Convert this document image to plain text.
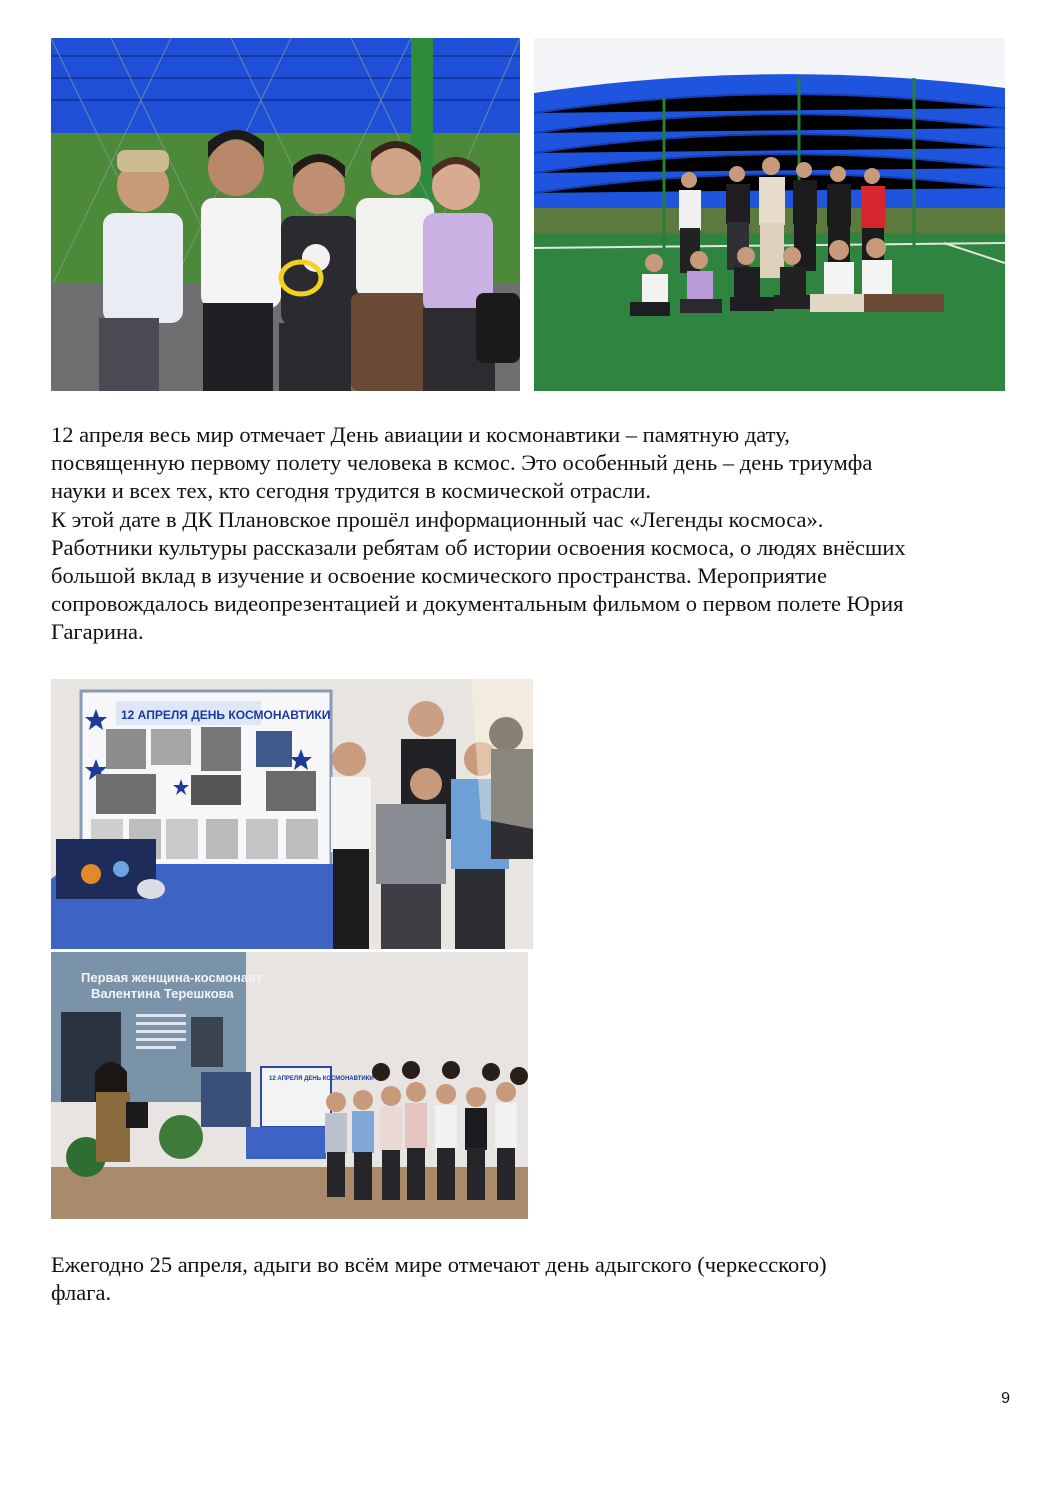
12 апреля весь мир отмечает День авиации и космонавтики – памятную дату,
посвященную первому полету человека в ксмос. Это особенный день – день триумфа
науки и всех тех, кто сегодня трудится в космической отрасли.
К этой дате в ДК Плановское прошёл информационный час «Легенды космоса».
Работники культуры рассказали ребятам об истории освоения космоса, о людях внёсших
большой вклад в изучение и освоение космического пространства. Мероприятие
сопровождалось видеопрезентацией и документальным фильмом о первом полете Юрия
Гагарина.

12 АПРЕЛЯ ДЕНЬ КОСМОНАВТИКИ
Первая женщина-космонавт
Валентина Терешкова
12 АПРЕЛЯ ДЕНЬ КОСМОНАВТИКИ

Ежегодно 25 апреля, адыги во всём мире отмечают день адыгского (черкесского)
флага.

9
